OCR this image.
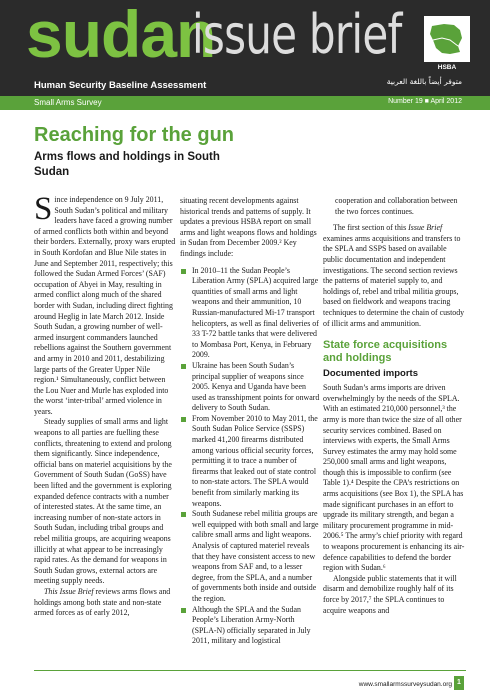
sudan
issue brief
Human Security Baseline Assessment
HSBA
متوفر أيضاً باللغة العربية
Small Arms Survey	Number 19 ■ April 2012
Reaching for the gun
Arms flows and holdings in South Sudan

Since independence on 9 July 2011, South Sudan’s political and military leaders have faced a growing number of armed conflicts both within and beyond their borders. Externally, proxy wars erupted in South Kordofan and Blue Nile states in June and September 2011, respectively; this followed the Sudan Armed Forces’ (SAF) occupation of Abyei in May, resulting in armed conflict along much of the shared border with Sudan, including direct fighting around Heglig in late March 2012. Inside South Sudan, a growing number of well-armed insurgent commanders launched rebellions against the Southern government and army in 2010 and 2011, destabilizing large parts of the Greater Upper Nile region.¹ Simultaneously, conflict between the Lou Nuer and Murle has exploded into the worst ‘inter-tribal’ armed violence in years.

Steady supplies of small arms and light weapons to all parties are fuelling these conflicts, threatening to extend and prolong them significantly. Since independence, official bans on materiel acquisitions by the Government of South Sudan (GoSS) have been lifted and the government is exploring expanded defence contracts with a number of interested states. At the same time, an increasing number of non-state actors in South Sudan, including tribal groups and rebel militia groups, are acquiring weapons illicitly at what appear to be increasingly rapid rates. As the demand for weapons in South Sudan grows, external actors are meeting supply needs.

This Issue Brief reviews arms flows and holdings among both state and non-state armed forces as of early 2012,

situating recent developments against historical trends and patterns of supply. It updates a previous HSBA report on small arms and light weapons flows and holdings in Sudan from December 2009.² Key findings include:

In 2010–11 the Sudan People’s Liberation Army (SPLA) acquired large quantities of small arms and light weapons and their ammunition, 10 Russian-manufactured Mi-17 transport helicopters, as well as final deliveries of 33 T-72 battle tanks that were delivered to Mombasa Port, Kenya, in February 2009.
Ukraine has been South Sudan’s principal supplier of weapons since 2005. Kenya and Uganda have been used as transshipment points for onward delivery to South Sudan.
From November 2010 to May 2011, the South Sudan Police Service (SSPS) marked 41,200 firearms distributed among various official security forces, permitting it to trace a number of firearms that leaked out of state control to non-state actors. The SPLA would benefit from similarly marking its weapons.
South Sudanese rebel militia groups are well equipped with both small and large calibre small arms and light weapons. Analysis of captured materiel reveals that they have consistent access to new weapons from SAF and, to a lesser degree, from the SPLA, and a number of governments both inside and outside the region.
Although the SPLA and the Sudan People’s Liberation Army-North (SPLA-N) officially separated in July 2011, military and logistical

cooperation and collaboration between the two forces continues.

The first section of this Issue Brief examines arms acquisitions and transfers to the SPLA and SSPS based on available public documentation and independent investigations. The second section reviews the patterns of materiel supply to, and holdings of, rebel and tribal militia groups, based on fieldwork and weapons tracing techniques to determine the chain of custody of illicit arms and ammunition.

State force acquisitions and holdings
Documented imports

South Sudan’s arms imports are driven overwhelmingly by the needs of the SPLA. With an estimated 210,000 personnel,³ the army is more than twice the size of all other security services combined. Based on interviews with experts, the Small Arms Survey estimates the army may hold some 250,000 small arms and light weapons, though this is impossible to confirm (see Table 1).⁴ Despite the CPA’s restrictions on arms acquisitions (see Box 1), the SPLA has made significant purchases in an effort to upgrade its military strength, and began a military procurement programme in mid-2006.⁵ The army’s chief priority with regard to weapons procurement is enhancing its air-defence capabilities to defend the border region with Sudan.⁶

Alongside public statements that it will disarm and demobilize roughly half of its force by 2017,⁷ the SPLA continues to acquire weapons and

www.smallarmssurveysudan.org 1
